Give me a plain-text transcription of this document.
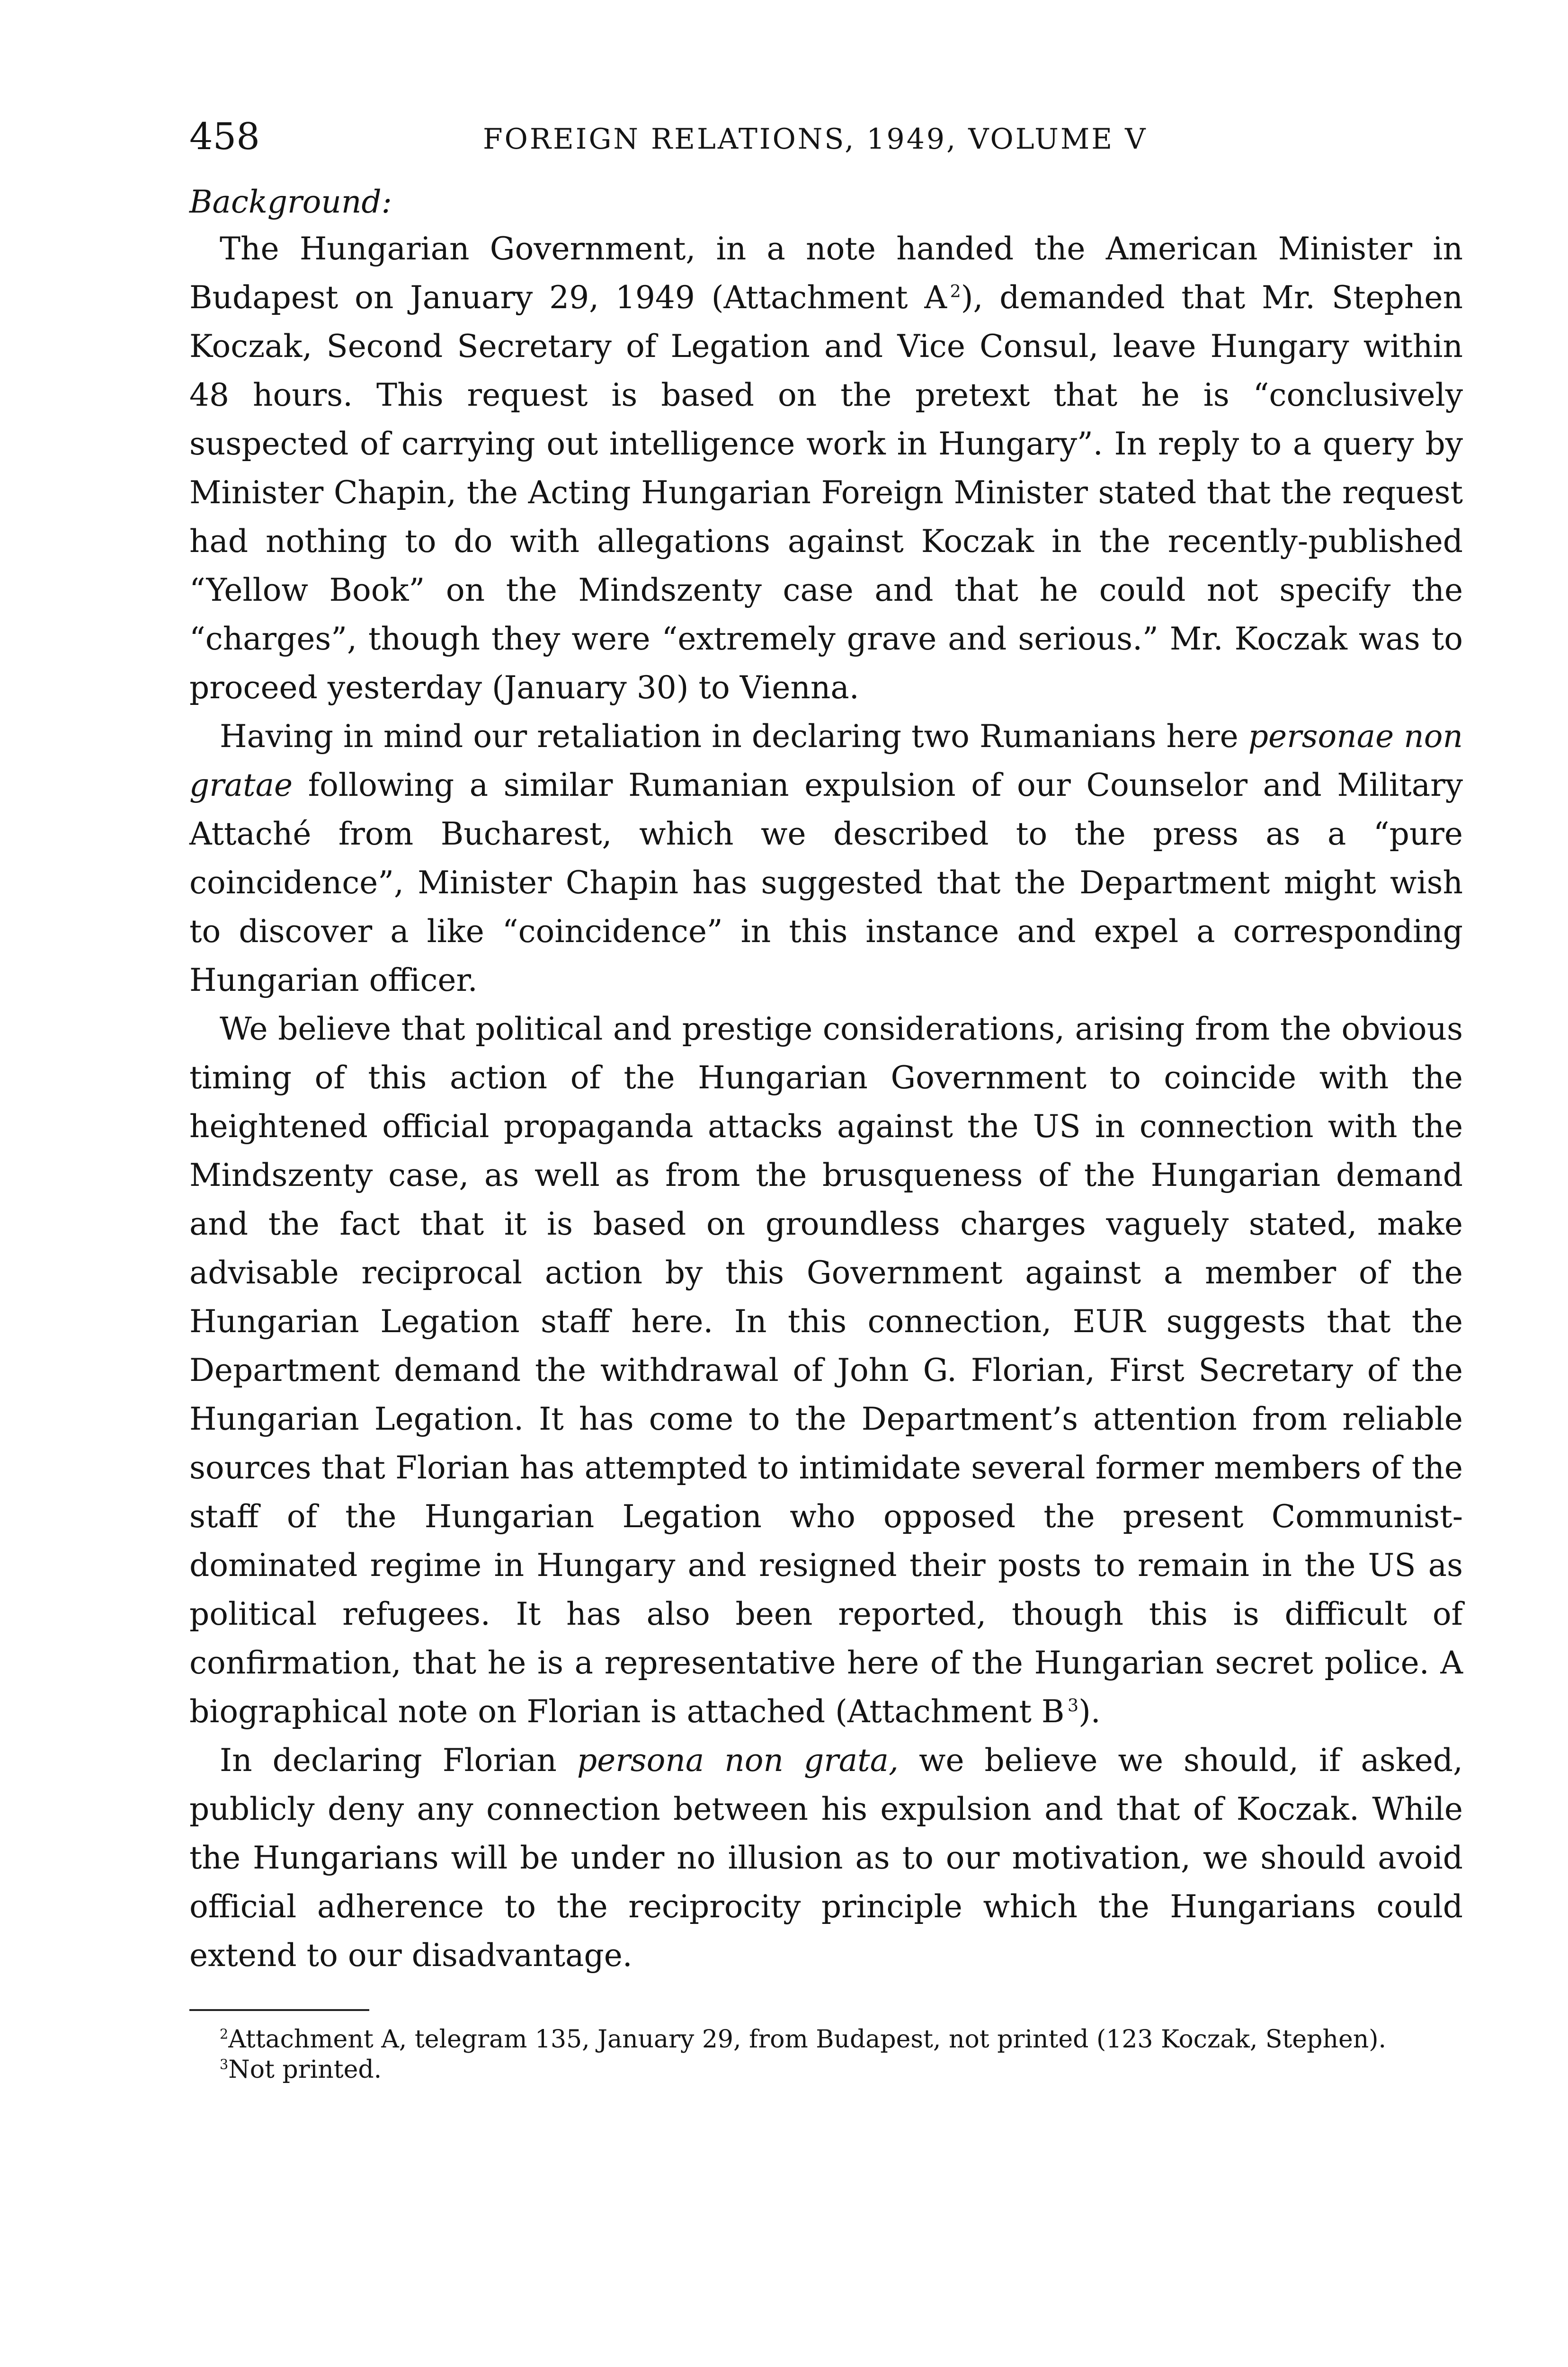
458	FOREIGN RELATIONS, 1949, VOLUME V

Background:

The Hungarian Government, in a note handed the American Minister in Budapest on January 29, 1949 (Attachment A  $^2$), demanded that Mr. Stephen Koczak, Second Secretary of Legation and Vice Consul, leave Hungary within 48 hours. This request is based on the pretext that he is “conclusively suspected of carrying out intelligence work in Hungary”. In reply to a query by Minister Chapin, the Acting Hungarian Foreign Minister stated that the request had nothing to do with allegations against Koczak in the recently-published “Yellow Book” on the Mindszenty case and that he could not specify the “charges”, though they were “extremely grave and serious.” Mr. Koczak was to proceed yesterday (January 30) to Vienna.

Having in mind our retaliation in declaring two Rumanians here personae non gratae following a similar Rumanian expulsion of our Counselor and Military Attaché from Bucharest, which we described to the press as a “pure coincidence”, Minister Chapin has suggested that the Department might wish to discover a like “coincidence” in this instance and expel a corresponding Hungarian officer.

We believe that political and prestige considerations, arising from the obvious timing of this action of the Hungarian Government to coincide with the heightened official propaganda attacks against the US in connection with the Mindszenty case, as well as from the brusqueness of the Hungarian demand and the fact that it is based on groundless charges vaguely stated, make advisable reciprocal action by this Government against a member of the Hungarian Legation staff here. In this connection, EUR suggests that the Department demand the withdrawal of John G. Florian, First Secretary of the Hungarian Legation. It has come to the Department’s attention from reliable sources that Florian has attempted to intimidate several former members of the staff of the Hungarian Legation who opposed the present Communist-dominated regime in Hungary and resigned their posts to remain in the US as political refugees. It has also been reported, though this is difficult of confirmation, that he is a representative here of the Hungarian secret police. A biographical note on Florian is attached (Attachment B  $^3$).

In declaring Florian persona non grata, we believe we should, if asked, publicly deny any connection between his expulsion and that of Koczak. While the Hungarians will be under no illusion as to our motivation, we should avoid official adherence to the reciprocity principle which the Hungarians could extend to our disadvantage.

$^2$Attachment A, telegram 135, January 29, from Budapest, not printed (123 Koczak, Stephen).

$^3$Not printed.
